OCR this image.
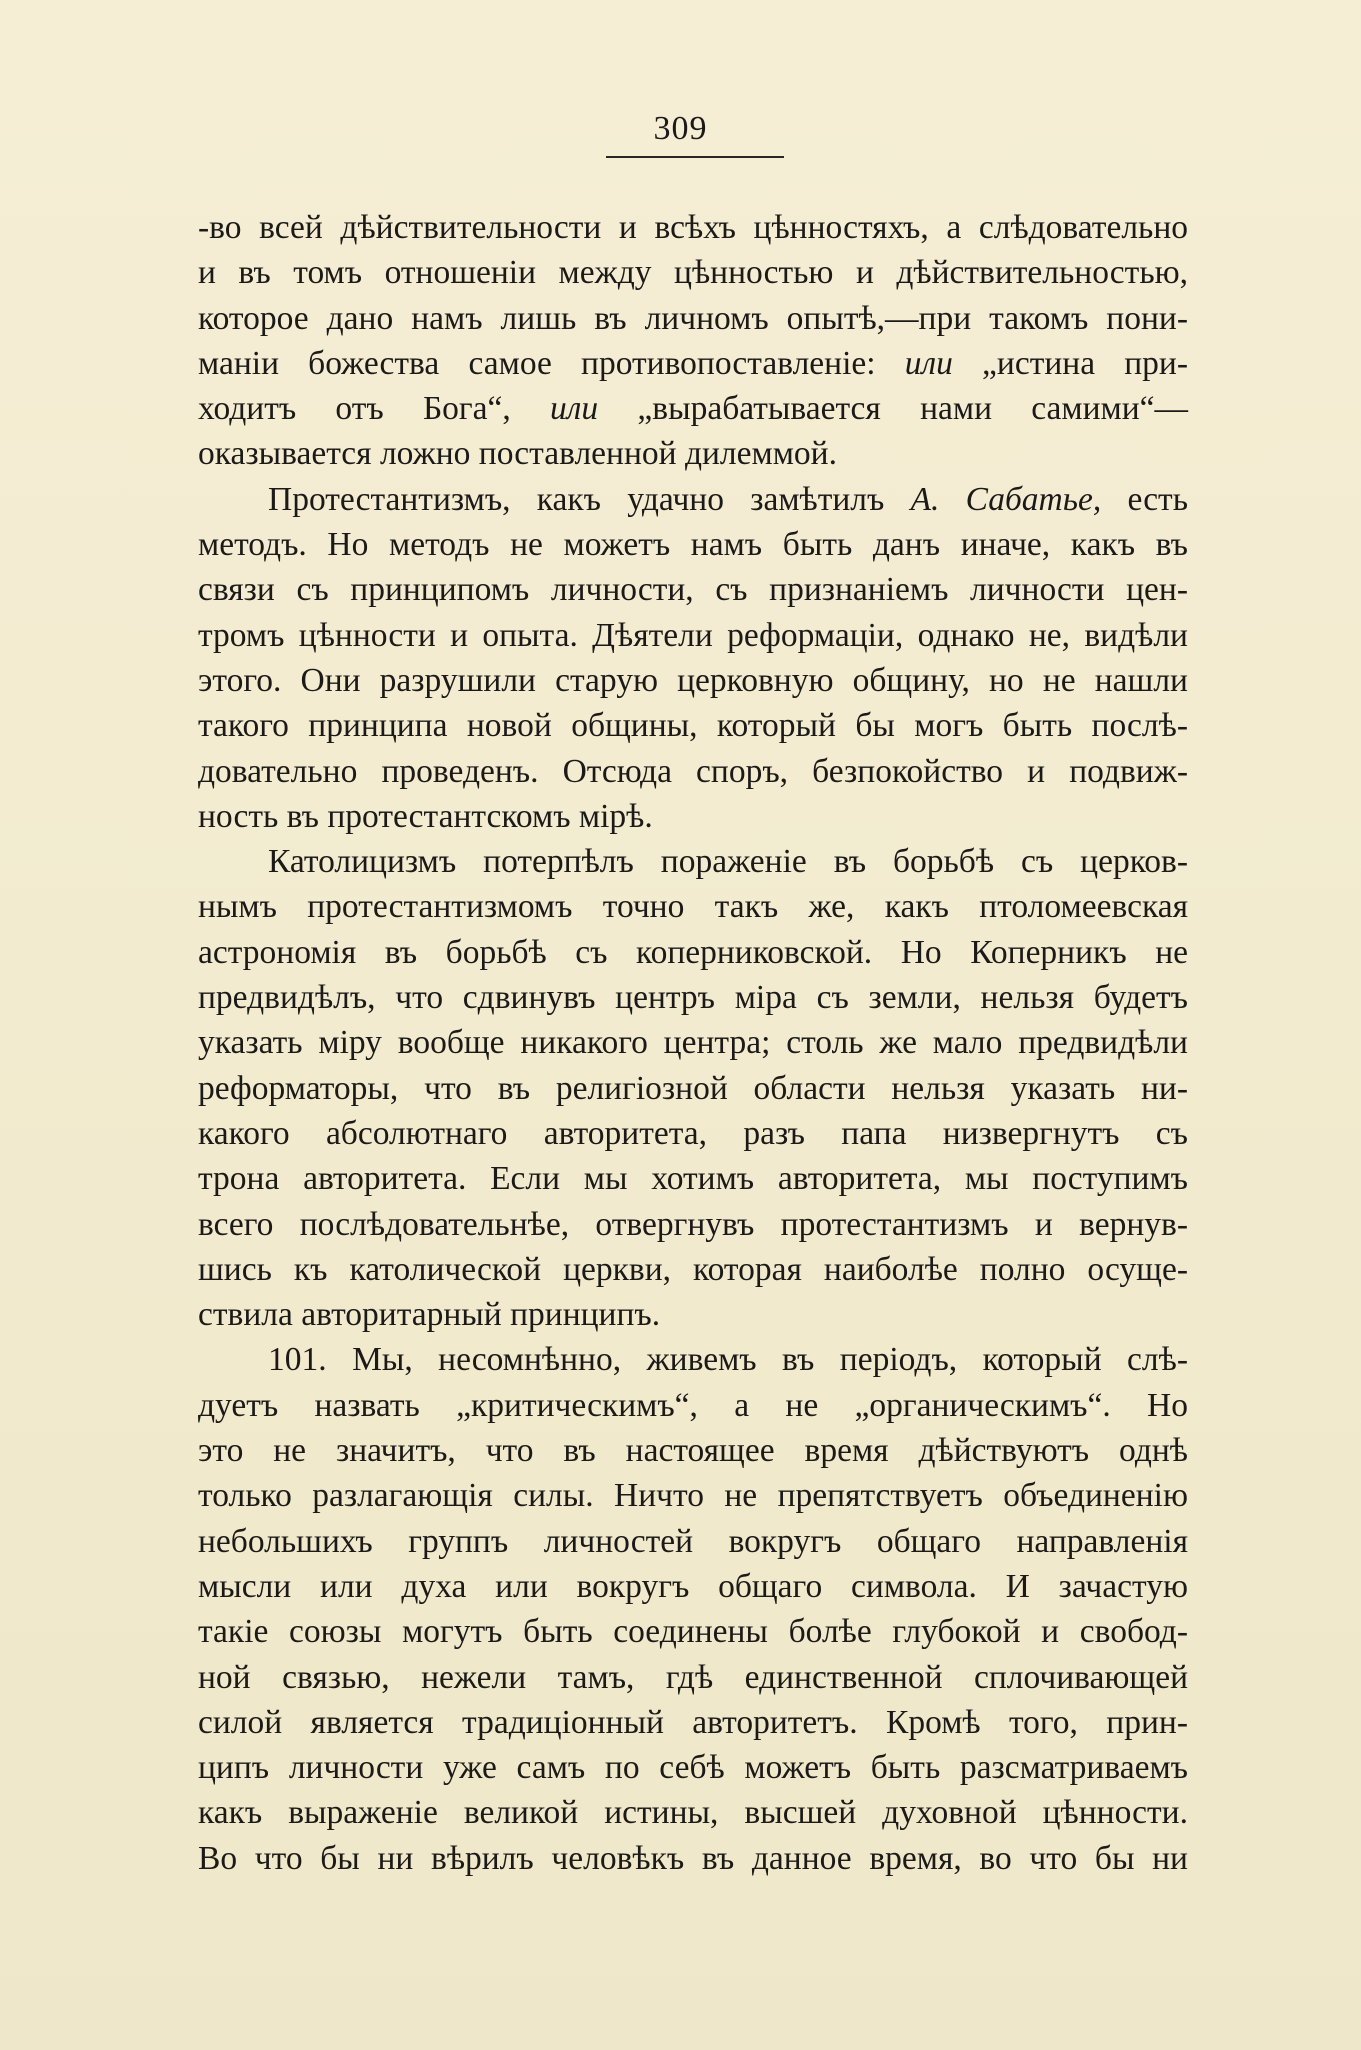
309
-во всей дѣйствительности и всѣхъ цѣнностяхъ, а слѣдовательно
и въ томъ отношенiи между цѣнностью и дѣйствительностью,
которое дано намъ лишь въ личномъ опытѣ,—при такомъ пони-
манiи божества самое противопоставленiе: или „истина при-
ходитъ отъ Бога“, или „вырабатывается нами самими“—
оказывается ложно поставленной дилеммой.
Протестантизмъ, какъ удачно замѣтилъ А. Сабатье, есть
методъ. Но методъ не можетъ намъ быть данъ иначе, какъ въ
связи съ принципомъ личности, съ признанiемъ личности цен-
тромъ цѣнности и опыта. Дѣятели реформацiи, однако не, видѣли
этого. Они разрушили старую церковную общину, но не нашли
такого принципа новой общины, который бы могъ быть послѣ-
довательно проведенъ. Отсюда споръ, безпокойство и подвиж-
ность въ протестантскомъ мiрѣ.
Католицизмъ потерпѣлъ пораженiе въ борьбѣ съ церков-
нымъ протестантизмомъ точно такъ же, какъ птоломеевская
астрономiя въ борьбѣ съ коперниковской. Но Коперникъ не
предвидѣлъ, что сдвинувъ центръ мiра съ земли, нельзя будетъ
указать мiру вообще никакого центра; столь же мало предвидѣли
реформаторы, что въ религiозной области нельзя указать ни-
какого абсолютнаго авторитета, разъ папа низвергнутъ съ
трона авторитета. Если мы хотимъ авторитета, мы поступимъ
всего послѣдовательнѣе, отвергнувъ протестантизмъ и вернув-
шись къ католической церкви, которая наиболѣе полно осуще-
ствила авторитарный принципъ.
101. Мы, несомнѣнно, живемъ въ перiодъ, который слѣ-
дуетъ назвать „критическимъ“, а не „органическимъ“. Но
это не значитъ, что въ настоящее время дѣйствуютъ однѣ
только разлагающiя силы. Ничто не препятствуетъ объединенiю
небольшихъ группъ личностей вокругъ общаго направленiя
мысли или духа или вокругъ общаго символа. И зачастую
такiе союзы могутъ быть соединены болѣе глубокой и свобод-
ной связью, нежели тамъ, гдѣ единственной сплочивающей
силой является традицiонный авторитетъ. Кромѣ того, прин-
ципъ личности уже самъ по себѣ можетъ быть разсматриваемъ
какъ выраженiе великой истины, высшей духовной цѣнности.
Во что бы ни вѣрилъ человѣкъ въ данное время, во что бы ни
